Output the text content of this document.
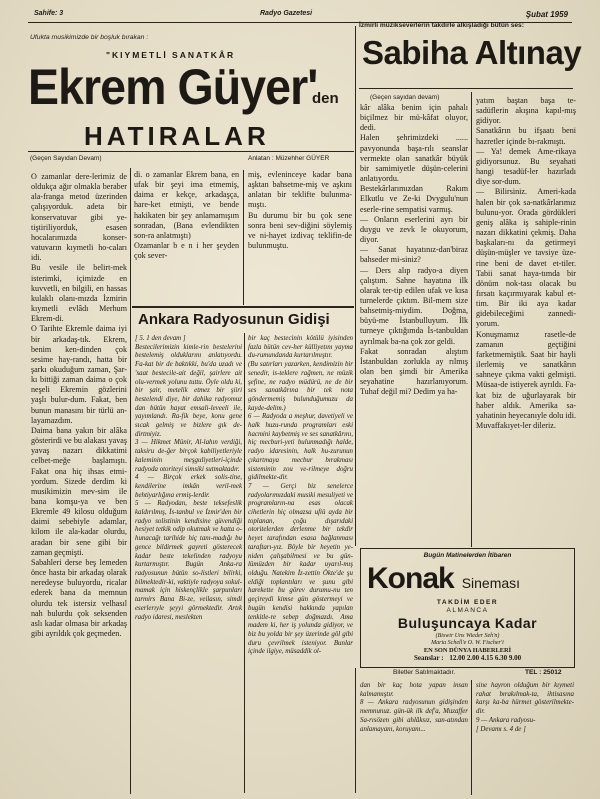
Sahife: 3	Radyo Gazetesi	Şubat 1959
Ufukta musikimizde bir boşluk bırakan :
"KIYMETLİ SANATKÂR
Ekrem Güyer'
den
HATIRALAR
(Geçen Sayıdan Devam)	Anlatan : Müzehher GÜYER
O zamanlar dere-lerimiz de oldukça ağır olmakla beraber ala-franga metod üzerinden çalışıyorduk. adeta bir konservatuvar gibi ye-tiştiriliyorduk, esasen hocalarımızda konser-vatuvarın kıymetli ho-caları idi.
Bu vesile ile belirt-mek isterimki, içimizde en kuvvetli, en bilgili, en hassas kulaklı olanı-mızda İzmirin kıymetli evlâdı Merhum Ekrem-di.
O Tarihte Ekremle daima iyi bir arkadaş-tık. Ekrem, benim ken-dinden çok sesime hay-randı, hatta bir şarkı okuduğum zaman, Şar-kı bittiği zaman daima o çok neşeli Ekremin gözlerini yaşlı bulur-dum. Fakat, ben bunun manasını bir türlü an-layamazdım.
Daima bana yakın bir alâka gösterirdi ve bu alakası yavaş yavaş nazarı dikkatimi celbet-meğe başlamıştı. Fakat ona hiç ihsas etmi-yordum. Sizede derdim ki musikimizin mev-sim ile bana komşu-ya ve ben Ekremle 49 kilosu olduğum daimi sebebiyle adamlar, kilom ile ala-kadar olurdu, aradan bir sene gibi bir zaman geçmişti.
Sabahleri derse beş lemeden önce hasta bir arkadaş olarak neredeyse buluyordu, ricalar ederek bana da memnun olurdu tek istersiz velhasıl nah bulurdu çok seksenden aslı kadar olmasa bir arkadaş gibi ayrıldık çok geçmeden.
di. o zamanlar Ekrem bana, en ufak bir şeyi ima etmemiş, daima er kekçe, arkadaşça, hare-ket etmişti, ve bende hakikaten bir şey anlamamışım sonradan, (Bana evlendikten son-ra anlatmıştı)
Ozamanlar b e n i her şeyden çok sever-
miş, evleninceye kadar bana aşktan bahsetme-miş ve aşkını anlatan bir teklifte bulunma-mıştı.
Bu durumu bir bu çok sene sonra beni sev-diğini söylemiş ve ni-hayet izdivaç teklifin-de bulunmuştu.
Ankara Radyosunun Gidişi
[ 5. 1 den devam ]
Bestecilerimizin kimle-rin bestelerini bestelemiş olduklarını anlatıyordu. Fa-kat bir de baktıkki, bu'da uzadı ve 'saat bestecile-ait değil, şairlere ait olu-vermek yolunu tuttu. Öyle oldu ki, bir şair, metelik etmez bir şiiri bestelendi diye, bir dahika radyomuz dan bütün hayat emsali-leveeli ile, yayımlandı. Ra-fik beye, konu gene sıcak gelmiş ve bizlere gık de-dirtmiyiz.
3 — Hikmet Münir, Al-lahın verdiği, taksiru de-ğer birçok kabiliyetleriyle kaleminin meşguliyetleri-içinde radyoda otoriteyi simsiki sutmaktadır.
4 — Birçok erkek solis-tine, kendilerine imkân veril-mek behtiyarlığına ermiş-lerdir.
5 — Radyodan, beste teksefeslik kaldırılmış, İs-tanbul ve İzmir'den bir radyo solistinin kendisine güvendiği hesiyet tetkik odip okutmak ve hatta o-hunacağı tarihide hiç tanı-madığı bu gence bildirmek gayreti gösterecek kadar beste tekelinden radyoyu kurtarmıştır. Bugün Anka-ra radyosunun bütün so-listleri bilirki, bilmektedir-ki, vaktiyle radyoya sokul-mamak için hiskençlikle şarpunları tarmirs Bana Bi-ze, veilasın, simdi eserlerıyle şeyyi görmektedir. Artık radyo idaresi, meslekten
bir kaç bestecinin kötülü iyisinden fazla bütün cev-her külliyetını yayma du-rumundanda kurtarılmıştır.
(Bu satırları yazarken, kendimizin bir senedir, is-teklere rağmen, ne müzik şefine, ne radyo müdürü, ne de bir ses sanatkârına bir tek nota göndermemiş bulunduğumuzu da kayde-delim.)
6 — Radyoda a meşhur, davetiyeli ve halk huzu-runda programları eski hacmini kaybetmiş ve ses sanatkârını, hiç mecburi-yeti bulunmadığı halde, radyo idaresinin, halk hu-zurunun çıkartmaya mecbur bırakması sisteminin zou ve-rilmeye doğru gidilmekte-dir.
7 — Gerçi biz senelerce radyolarımızdaki musiki mesuliyeti ve programların-na esas olacak cihetlerin hiç olmazsa ufiü ayda bir toplanan, çoğu dışarıdaki otoritelerden derlenme bir tekdir heyet tarafından esasa bağlanması taraftarı-yız. Böyle bir heyetin ye-niden çalışabilmesi ve bu gün-lümüzden bir kadar uyarıl-mış olduğu. Natekim İz-zettin Ökte'de şu eldiği toplantıları ve şunu gibi harekette bu görev durumu-nu ten geçireydi kimse gün göstermeyi ve bugün kendisi hakkında yapılan tenkitle-re sebep doğmazdı. Ama madem ki, her iş yolunda gidiyor, ve biz bu yolda bir şey üzerinde göl gibi duru çevrilmek isteniyor. Bunlar içinde ilgiye, müsaddik ol-
İzmirli müzikseverlerin takdirle alkışladığı bütün ses:
Sabiha Altınay
(Geçen sayıdan devam)
kâr alâka benim için pahalı biçilmez bir mü-kâfat oluyor, dedi.
Halen şehrimizdeki ...... pavyonunda başa-rılı seanslar vermekte olan sanatkâr büyük bir samimiyetle düşün-celerini anlatıyordu.
Bestekârlarımızdan Rakım Elkutlu ve Ze-ki Dvygulu'nun eserle-rine sempatisi varmış.
— Onların eserlerini ayrı bir duygu ve zevk le okuyorum, diyor.
— Sanat hayatınız-dan'biraz bahseder mi-siniz?
— Ders alıp radyo-a diyen çalıştım. Sahne hayatına ilk olarak ter-tip edilen ufak ve kısa turnelerde çıktım. Bil-mem size bahsetmiş-miydim. Doğma, büyü-me İstanbulluyum. İlk turneye çıktığımda İs-tanbuldan ayrılmak ba-na çok zor geldi.
Fakat sonradan alıştım İstanbuldan zorlukla ay rılmış olan ben şimdi bir Amerika seyahatine hazırlanıyorum. Tuhaf değil mi? Dedim ya ha-
yatım baştan başa te-sadüflerin akışına kapıl-mış gidiyor.
Sanatkârın bu ifşaatı beni hazretler içinde bı-rakmıştı.
— Ya! demek Ame-rikaya gidiyorsunuz. Bu seyahati hangi tesadüf-ler hazırladı diye sor-dum.
— Bilirsiniz. Ameri-kada halen bir çok sa-natkârlarımız bulunu-yor. Orada gördükleri geniş alâka iş sahiple-rinin nazarı dikkatini çekmiş. Daha başkaları-nı da getirmeyi düşün-müşler ve tavsiye üze-rine beni de davet et-tiler. Tabii sanat haya-tımda bir dönüm nok-tası olacak bu fırsatı kaçırmıyarak kabul et-tim. Bir iki aya kadar gidebileceğimi zannedi-yorum.
Konuşmamız rasetle-de zamanın geçtiğini farketmemiştik. Saat bir hayli ilerlemiş ve sanatkârın sahneye çıkma vakti gelmişti. Müsaa-de istiyerek ayrıldı. Fa-kat biz de uğurlayarak bir haber aldık. Amerika sa-yahatinin heyecanıyle dolu idi. Muvaffakıyet-ler dileriz.
Bugün Matinelerden İtibaren
Konak Sineması
TAKDİM EDER
ALMANCA
Buluşuncaya Kadar
(Biswir Uns Wieder Seh'n)
Maria Schell'e O. W. Fischer'i
EN SON DÜNYA HABERLERİ
Seanslar : 12.00 2.00 4.15 6.30 9.00
Biletler Satılmaktadır.	TEL : 25012
dan bir kaç hota yapan insan kalmamıştır.
8 — Ankara radyosunun gidişinden memnunuz. gün-ük ilk def'a, Muzaffer Sa-rısözen gibi ahlâksız, san-atından anlamayanı, koruyanı...
sine hayron olduğum bir kıymeti rahat bırakılmak-ta, ihtisasına karşı ka-ba hürmet gösterilmekte-dir.
9 — Ankara radyosu-
[ Devamı s. 4 de ]
